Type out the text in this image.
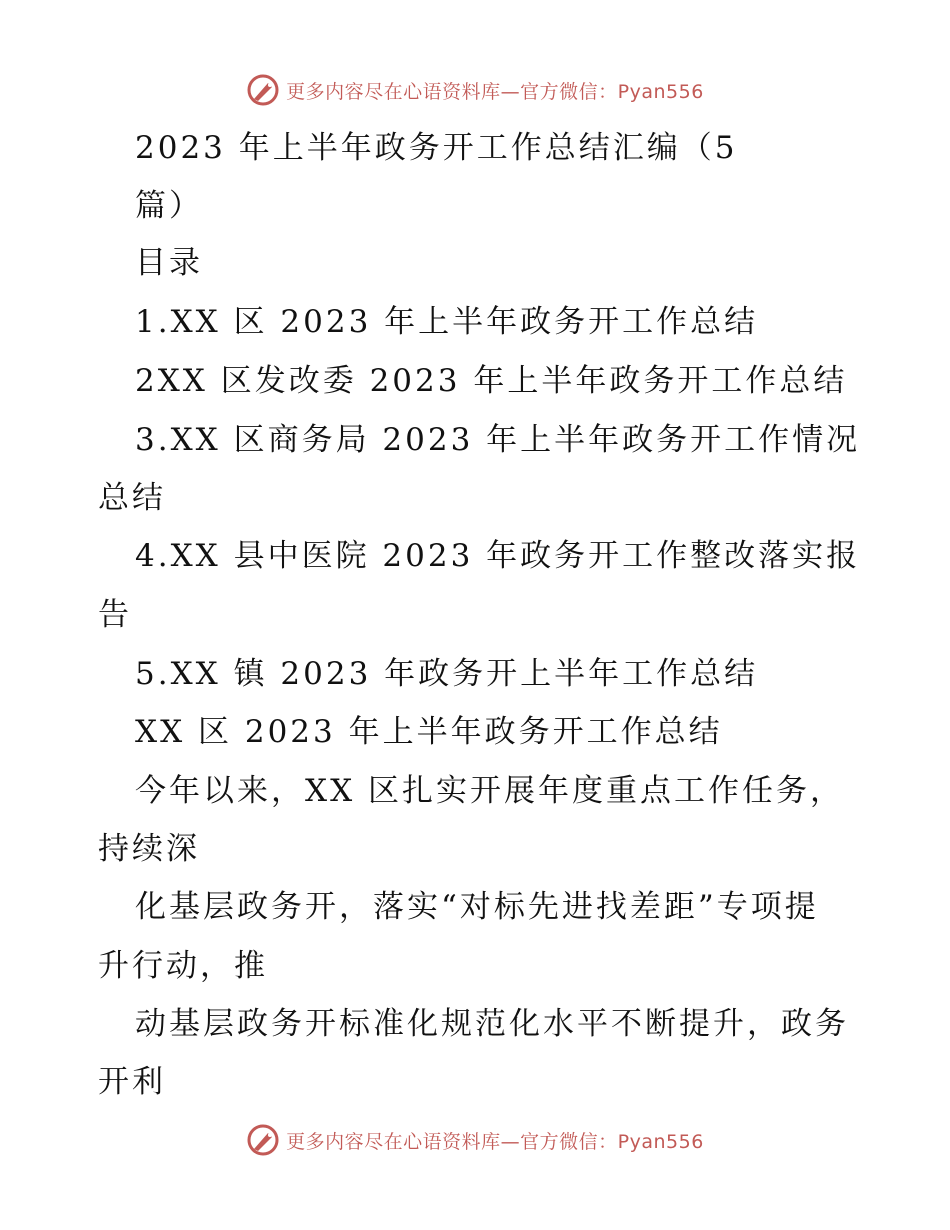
更多内容尽在心语资料库—官方微信：Pyan556
2023 年上半年政务开工作总结汇编（5
篇）
目录
1.XX 区 2023 年上半年政务开工作总结
2XX 区发改委 2023 年上半年政务开工作总结
3.XX 区商务局 2023 年上半年政务开工作情况
总结
4.XX 县中医院 2023 年政务开工作整改落实报
告
5.XX 镇 2023 年政务开上半年工作总结
XX 区 2023 年上半年政务开工作总结
今年以来，XX 区扎实开展年度重点工作任务，
持续深
化基层政务开，落实“对标先进找差距”专项提
升行动，推
动基层政务开标准化规范化水平不断提升，政务
开利
更多内容尽在心语资料库—官方微信：Pyan556
